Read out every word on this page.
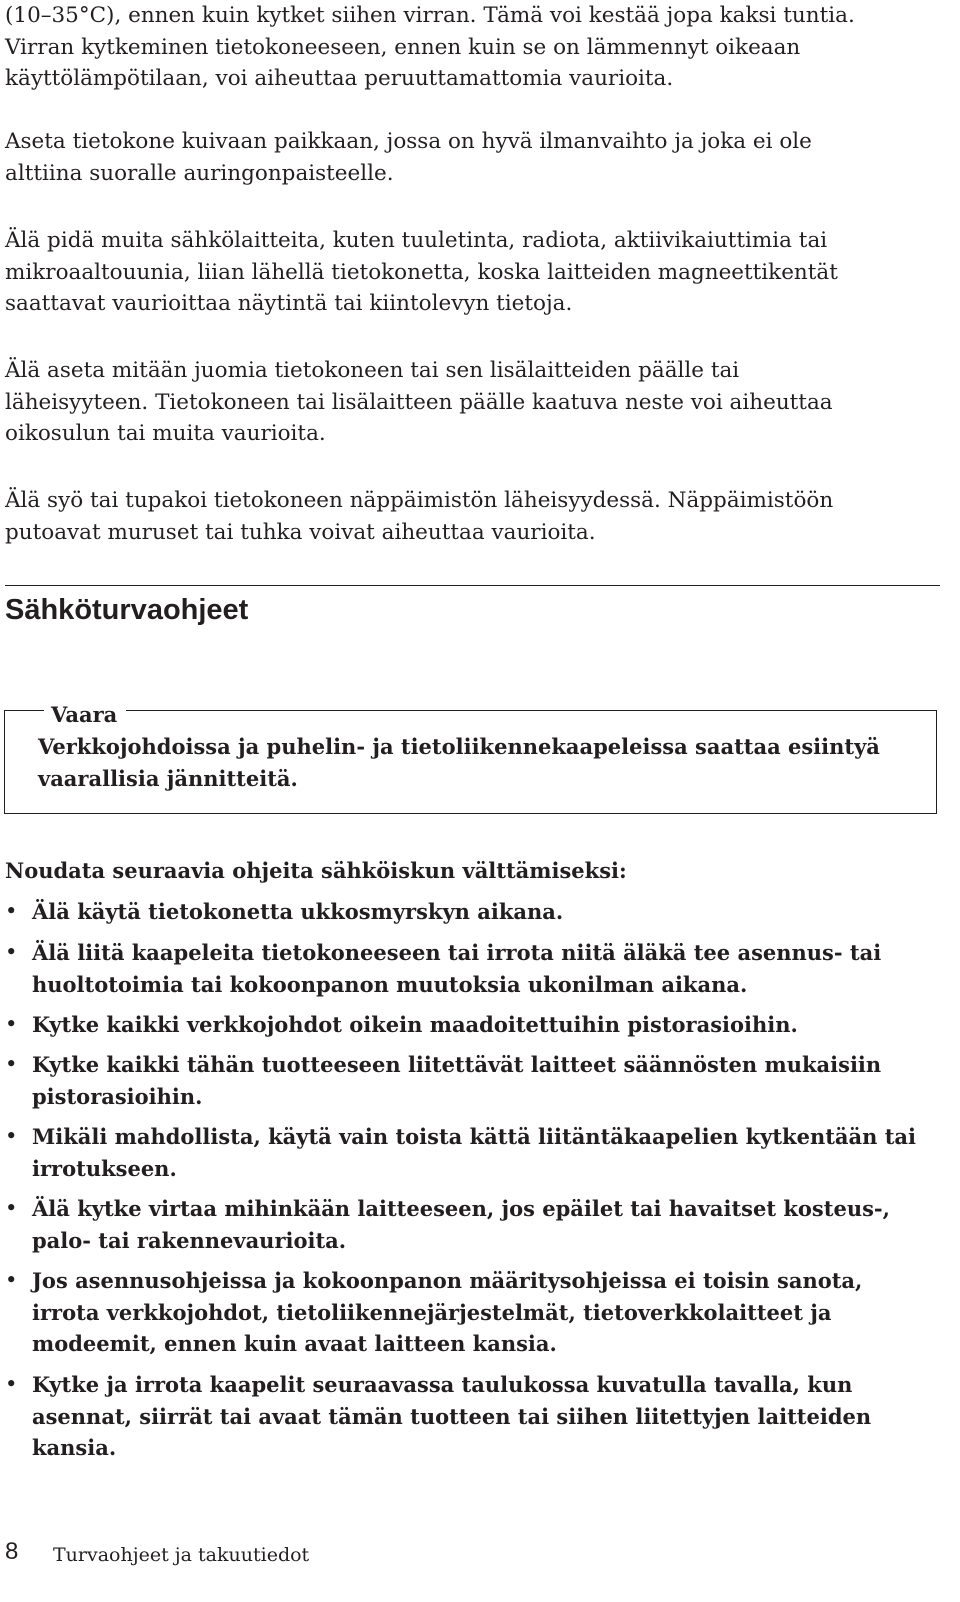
(10–35°C), ennen kuin kytket siihen virran. Tämä voi kestää jopa kaksi tuntia.
Virran kytkeminen tietokoneeseen, ennen kuin se on lämmennyt oikeaan
käyttölämpötilaan, voi aiheuttaa peruuttamattomia vaurioita.
Aseta tietokone kuivaan paikkaan, jossa on hyvä ilmanvaihto ja joka ei ole
alttiina suoralle auringonpaisteelle.
Älä pidä muita sähkölaitteita, kuten tuuletinta, radiota, aktiivikaiuttimia tai
mikroaaltouunia, liian lähellä tietokonetta, koska laitteiden magneettikentät
saattavat vaurioittaa näytintä tai kiintolevyn tietoja.
Älä aseta mitään juomia tietokoneen tai sen lisälaitteiden päälle tai
läheisyyteen. Tietokoneen tai lisälaitteen päälle kaatuva neste voi aiheuttaa
oikosulun tai muita vaurioita.
Älä syö tai tupakoi tietokoneen näppäimistön läheisyydessä. Näppäimistöön
putoavat muruset tai tuhka voivat aiheuttaa vaurioita.
Sähköturvaohjeet
Vaara
Verkkojohdoissa ja puhelin- ja tietoliikennekaapeleissa saattaa esiintyä
vaarallisia jännitteitä.

Noudata seuraavia ohjeita sähköiskun välttämiseksi:

• Älä käytä tietokonetta ukkosmyrskyn aikana.
• Älä liitä kaapeleita tietokoneeseen tai irrota niitä äläkä tee asennus- tai
huoltotoimia tai kokoonpanon muutoksia ukonilman aikana.
• Kytke kaikki verkkojohdot oikein maadoitettuihin pistorasioihin.
• Kytke kaikki tähän tuotteeseen liitettävät laitteet säännösten mukaisiin
pistorasioihin.
• Mikäli mahdollista, käytä vain toista kättä liitäntäkaapelien kytkentään tai
irrotukseen.
• Älä kytke virtaa mihinkään laitteeseen, jos epäilet tai havaitset kosteus-,
palo- tai rakennevaurioita.
• Jos asennusohjeissa ja kokoonpanon määritysohjeissa ei toisin sanota,
irrota verkkojohdot, tietoliikennejärjestelmät, tietoverkkolaitteet ja
modeemit, ennen kuin avaat laitteen kansia.
• Kytke ja irrota kaapelit seuraavassa taulukossa kuvatulla tavalla, kun
asennat, siirrät tai avaat tämän tuotteen tai siihen liitettyjen laitteiden
kansia.
8 Turvaohjeet ja takuutiedot
